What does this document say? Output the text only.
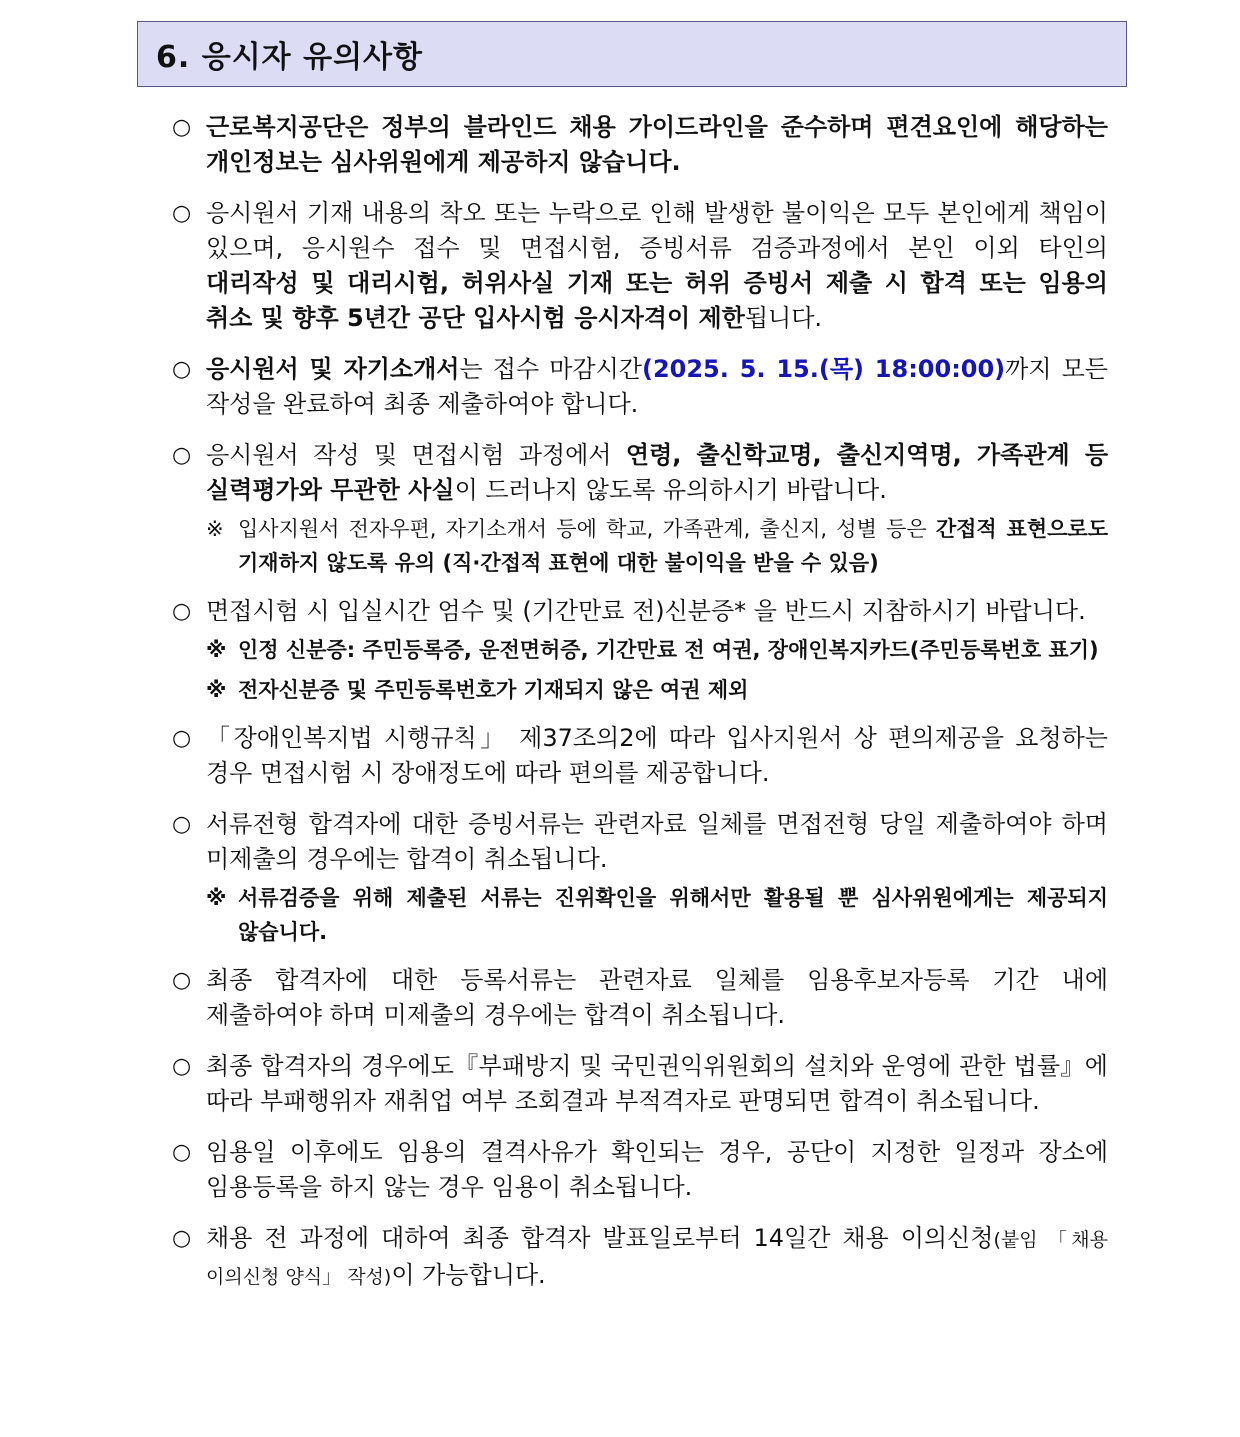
6. 응시자 유의사항
○ 근로복지공단은 정부의 블라인드 채용 가이드라인을 준수하며 편견요인에 해당하는 개인정보는 심사위원에게 제공하지 않습니다.
○ 응시원서 기재 내용의 착오 또는 누락으로 인해 발생한 불이익은 모두 본인에게 책임이 있으며, 응시원수 접수 및 면접시험, 증빙서류 검증과정에서 본인 이외 타인의 대리작성 및 대리시험, 허위사실 기재 또는 허위 증빙서 제출 시 합격 또는 임용의 취소 및 향후 5년간 공단 입사시험 응시자격이 제한됩니다.
○ 응시원서 및 자기소개서는 접수 마감시간(2025. 5. 15.(목) 18:00:00)까지 모든 작성을 완료하여 최종 제출하여야 합니다.
○ 응시원서 작성 및 면접시험 과정에서 연령, 출신학교명, 출신지역명, 가족관계 등 실력평가와 무관한 사실이 드러나지 않도록 유의하시기 바랍니다.
※ 입사지원서 전자우편, 자기소개서 등에 학교, 가족관계, 출신지, 성별 등은 간접적 표현으로도 기재하지 않도록 유의 (직·간접적 표현에 대한 불이익을 받을 수 있음)
○ 면접시험 시 입실시간 엄수 및 (기간만료 전)신분증* 을 반드시 지참하시기 바랍니다.
※ 인정 신분증: 주민등록증, 운전면허증, 기간만료 전 여권, 장애인복지카드(주민등록번호 표기)
※ 전자신분증 및 주민등록번호가 기재되지 않은 여권 제외
○ 「장애인복지법 시행규칙」 제37조의2에 따라 입사지원서 상 편의제공을 요청하는 경우 면접시험 시 장애정도에 따라 편의를 제공합니다.
○ 서류전형 합격자에 대한 증빙서류는 관련자료 일체를 면접전형 당일 제출하여야 하며 미제출의 경우에는 합격이 취소됩니다.
※ 서류검증을 위해 제출된 서류는 진위확인을 위해서만 활용될 뿐 심사위원에게는 제공되지 않습니다.
○ 최종 합격자에 대한 등록서류는 관련자료 일체를 임용후보자등록 기간 내에 제출하여야 하며 미제출의 경우에는 합격이 취소됩니다.
○ 최종 합격자의 경우에도『부패방지 및 국민권익위원회의 설치와 운영에 관한 법률』에 따라 부패행위자 재취업 여부 조회결과 부적격자로 판명되면 합격이 취소됩니다.
○ 임용일 이후에도 임용의 결격사유가 확인되는 경우, 공단이 지정한 일정과 장소에 임용등록을 하지 않는 경우 임용이 취소됩니다.
○ 채용 전 과정에 대하여 최종 합격자 발표일로부터 14일간 채용 이의신청(붙임 「채용 이의신청 양식」 작성)이 가능합니다.
